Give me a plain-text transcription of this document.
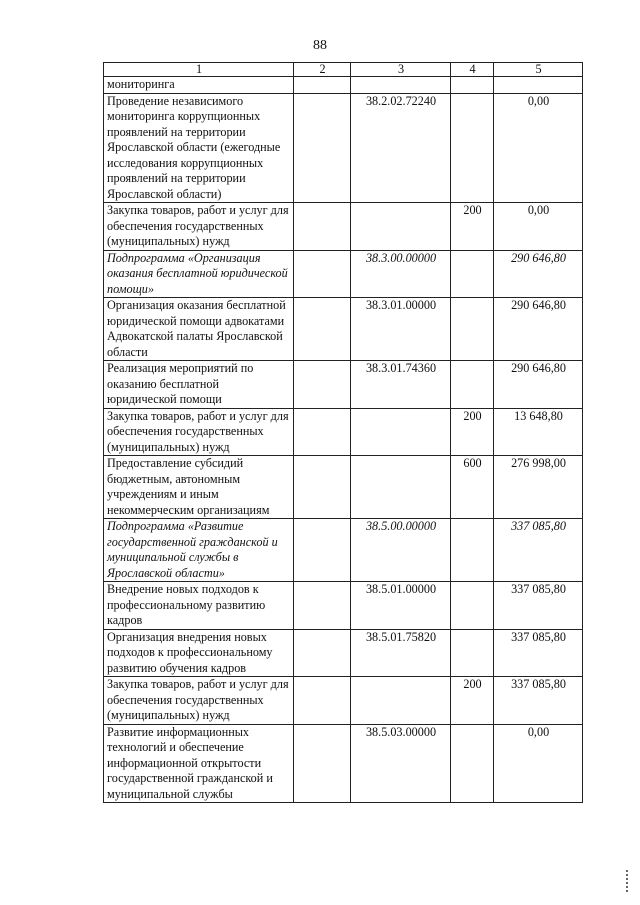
88
1	2	3	4	5
мониторинга				
Проведение независимого мониторинга коррупционных проявлений на территории Ярославской области (ежегодные исследования коррупционных проявлений на территории Ярославской области)		38.2.02.72240		0,00
Закупка товаров, работ и услуг для обеспечения государственных (муниципальных) нужд			200	0,00
Подпрограмма «Организация оказания бесплатной юридической помощи»		38.3.00.00000		290 646,80
Организация оказания бесплатной юридической помощи адвокатами Адвокатской палаты Ярославской области		38.3.01.00000		290 646,80
Реализация мероприятий по оказанию бесплатной юридической помощи		38.3.01.74360		290 646,80
Закупка товаров, работ и услуг для обеспечения государственных (муниципальных) нужд			200	13 648,80
Предоставление субсидий бюджетным, автономным учреждениям и иным некоммерческим организациям			600	276 998,00
Подпрограмма «Развитие государственной гражданской и муниципальной службы в Ярославской области»		38.5.00.00000		337 085,80
Внедрение новых подходов к профессиональному развитию кадров		38.5.01.00000		337 085,80
Организация внедрения новых подходов к профессиональному развитию обучения кадров		38.5.01.75820		337 085,80
Закупка товаров, работ и услуг для обеспечения государственных (муниципальных) нужд			200	337 085,80
Развитие информационных технологий и обеспечение информационной открытости государственной гражданской и муниципальной службы		38.5.03.00000		0,00
